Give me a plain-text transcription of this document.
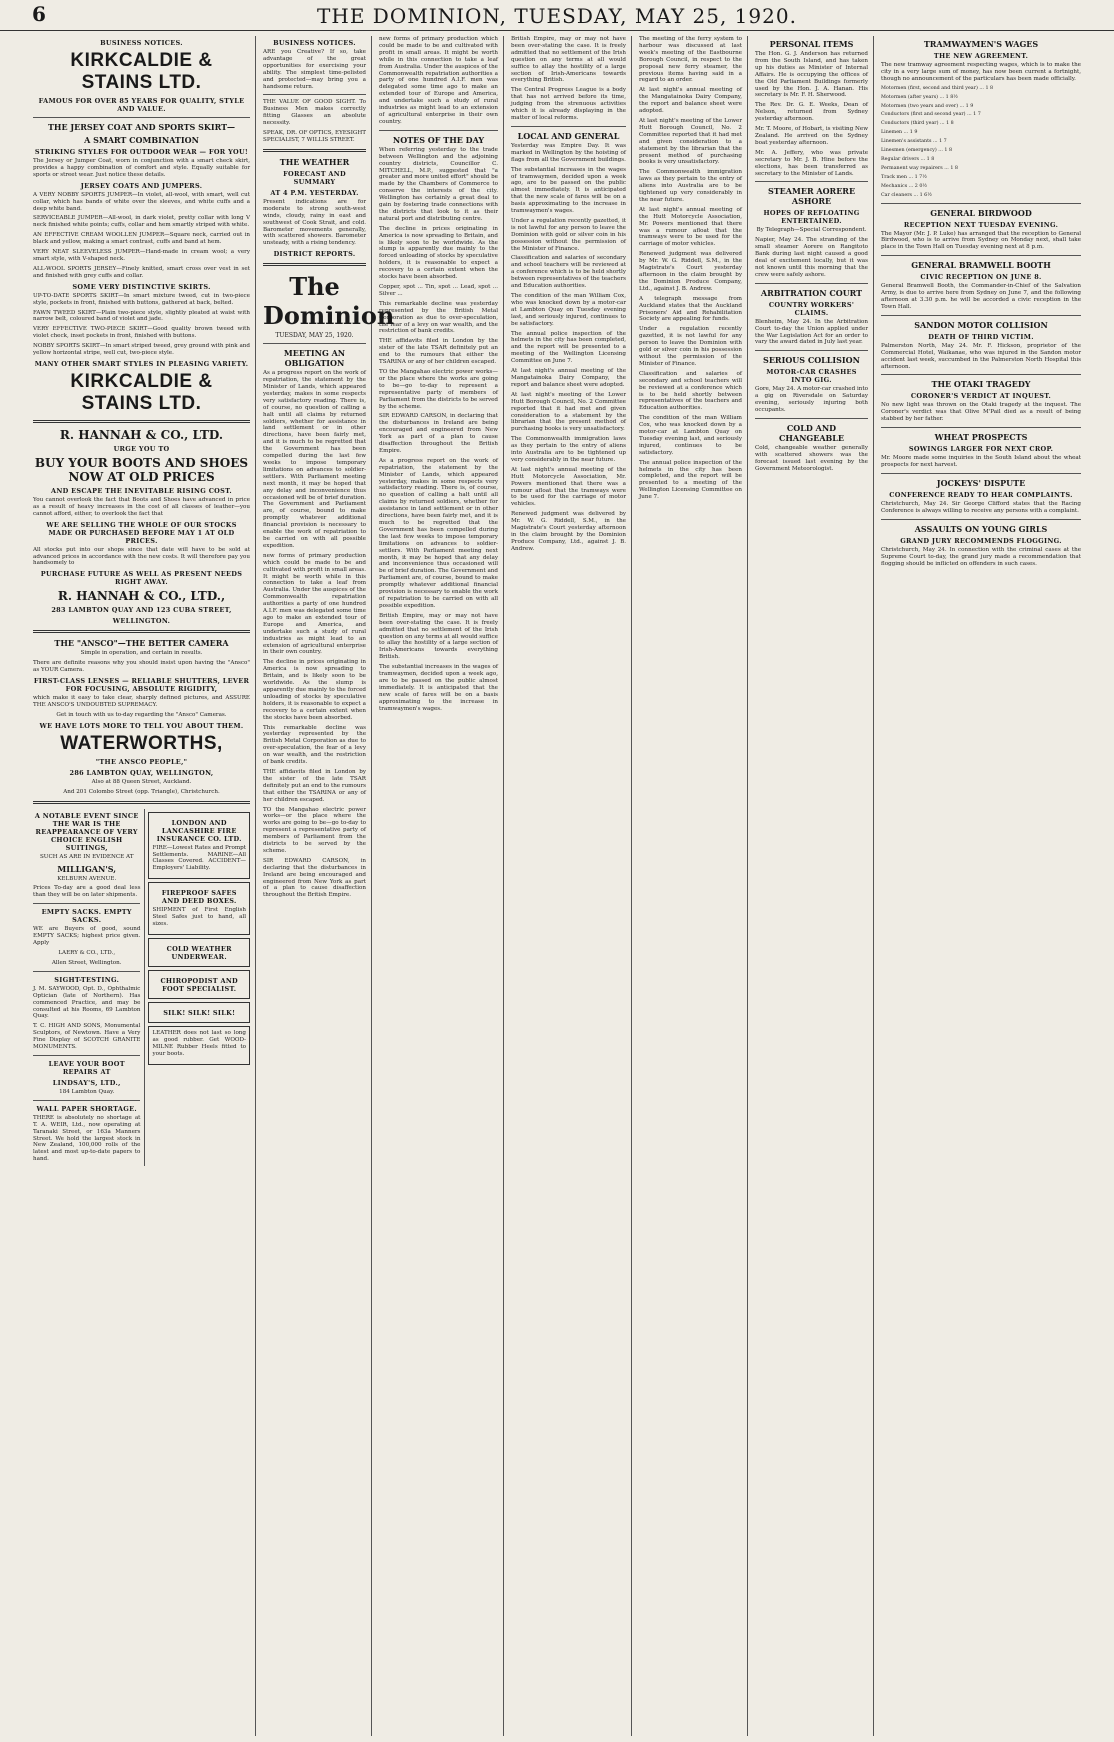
6	THE DOMINION, TUESDAY, MAY 25, 1920.
BUSINESS NOTICES.
KIRKCALDIE & STAINS LTD.
FAMOUS FOR OVER 85 YEARS FOR QUALITY, STYLE AND VALUE.
THE JERSEY COAT AND SPORTS SKIRT—
A SMART COMBINATION
STRIKING STYLES FOR OUTDOOR WEAR — FOR YOU!

The Jersey or Jumper Coat, worn in conjunction with a smart check skirt, provides a happy combination of comfort and style. Equally suitable for sports or street wear. Just notice these details.

JERSEY COATS AND JUMPERS.

A VERY NOBBY SPORTS JUMPER—In violet, all-wool, with smart, well cut collar, which has bands of white over the sleeves, and white cuffs and a deep white band.

SERVICEABLE JUMPER—All-wool, in dark violet, pretty collar with long V neck finished white points; cuffs, collar and hem smartly striped with white.

AN EFFECTIVE CREAM WOOLLEN JUMPER—Square neck, carried out in black and yellow, making a smart contrast, cuffs and band at hem.

VERY NEAT SLEEVELESS JUMPER—Hand-made in cream wool; a very smart style, with V-shaped neck.

ALL-WOOL SPORTS JERSEY—Finely knitted, smart cross over vest in set and finished with grey cuffs and collar.

SOME VERY DISTINCTIVE SKIRTS.

UP-TO-DATE SPORTS SKIRT—In smart mixture tweed, cut in two-piece style, pockets in front, finished with buttons, gathered at back, belted.

FAWN TWEED SKIRT—Plain two-piece style, slightly pleated at waist with narrow belt, coloured band of violet and jade.

VERY EFFECTIVE TWO-PIECE SKIRT—Good quality brown tweed with violet check, inset pockets in front, finished with buttons.

NOBBY SPORTS SKIRT—In smart striped tweed, grey ground with pink and yellow horizontal stripe, well cut, two-piece style.

MANY OTHER SMART STYLES IN PLEASING VARIETY.
KIRKCALDIE & STAINS LTD.
R. HANNAH & CO., LTD.
URGE YOU TO
BUY YOUR BOOTS AND SHOES NOW AT OLD PRICES
AND ESCAPE THE INEVITABLE RISING COST.

You cannot overlook the fact that Boots and Shoes have advanced in price as a result of heavy increases in the cost of all classes of leather—you cannot afford, either, to overlook the fact that

WE ARE SELLING THE WHOLE OF OUR STOCKS MADE OR PURCHASED BEFORE MAY 1 AT OLD PRICES.

All stocks put into our shops since that date will have to be sold at advanced prices in accordance with the new costs. It will therefore pay you handsomely to

PURCHASE FUTURE AS WELL AS PRESENT NEEDS RIGHT AWAY.
R. HANNAH & CO., LTD.,
283 LAMBTON QUAY AND 123 CUBA STREET,
WELLINGTON.
THE "ANSCO"—THE BETTER CAMERA
Simple in operation, and certain in results.

There are definite reasons why you should insist upon having the "Ansco" as YOUR Camera.

FIRST-CLASS LENSES — RELIABLE SHUTTERS, LEVER FOR FOCUSING, ABSOLUTE RIGIDITY,

which make it easy to take clear, sharply defined pictures, and ASSURE THE ANSCO'S UNDOUBTED SUPREMACY.

Get in touch with us to-day regarding the "Ansco" Cameras.
WE HAVE LOTS MORE TO TELL YOU ABOUT THEM.
WATERWORTHS,
"THE ANSCO PEOPLE,"
286 LAMBTON QUAY, WELLINGTON,
Also at 88 Queen Street, Auckland.
And 201 Colombo Street (opp. Triangle), Christchurch.
A NOTABLE EVENT SINCE THE WAR IS THE REAPPEARANCE OF VERY CHOICE ENGLISH SUITINGS,
SUCH AS ARE IN EVIDENCE AT
MILLIGAN'S,
KELBURN AVENUE.

Prices To-day are a good deal less than they will be on later shipments.

EMPTY SACKS. EMPTY SACKS.

WE are Buyers of good, sound EMPTY SACKS; highest price given. Apply

LAERY & CO., LTD.,
Allen Street, Wellington.
SIGHT-TESTING.

J. M. SAYWOOD, Opt. D., Ophthalmic Optician (late of Northern). Has commenced Practice, and may be consulted at his Rooms, 69 Lambton Quay.

T. C. HIGH AND SONS, Monumental Sculptors, of Newtown. Have a Very Fine Display of SCOTCH GRANITE MONUMENTS.

LEAVE YOUR BOOT REPAIRS AT
LINDSAY'S, LTD.,
184 Lambton Quay.
WALL PAPER SHORTAGE.

THERE is absolutely no shortage at T. A. WEIR, Ltd., now operating at Taranaki Street, or 163a Manners Street. We hold the largest stock in New Zealand, 100,000 rolls of the latest and most up-to-date papers to hand.

LONDON AND LANCASHIRE FIRE INSURANCE CO. LTD.

FIRE—Lowest Rates and Prompt Settlements. MARINE—All Classes Covered. ACCIDENT—Employers' Liability.

FIREPROOF SAFES AND DEED BOXES.

SHIPMENT of First English Steel Safes just to hand, all sizes.

COLD WEATHER UNDERWEAR.
CHIROPODIST AND FOOT SPECIALIST.
SILK! SILK! SILK!

LEATHER does not last so long as good rubber. Get WOOD-MILNE Rubber Heels fitted to your boots.

BUSINESS NOTICES.

ARE you Creative? If so, take advantage of the great opportunities for exercising your ability. The simplest time-pelisted and protected—may bring you a handsome return.

THE VALUE OF GOOD SIGHT. To Business Men makes correctly fitting Glasses an absolute necessity.

SPEAK, DR. OF OPTICS, EYESIGHT SPECIALIST, 7 WILLIS STREET.

THE WEATHER
FORECAST AND SUMMARY
AT 4 P.M. YESTERDAY.

Present indications are for moderate to strong south-west winds, cloudy, rainy in east and southwest of Cook Strait, and cold. Barometer movements generally, with scattered showers. Barometer unsteady, with a rising tendency.

DISTRICT REPORTS.
The Dominion
TUESDAY, MAY 25, 1920.
MEETING AN OBLIGATION

As a progress report on the work of repatriation, the statement by the Minister of Lands, which appeared yesterday, makes in some respects very satisfactory reading. There is, of course, no question of calling a halt until all claims by returned soldiers, whether for assistance in land settlement or in other directions, have been fairly met, and it is much to be regretted that the Government has been compelled during the last few weeks to impose temporary limitations on advances to soldier-settlers. With Parliament meeting next month, it may be hoped that any delay and inconvenience thus occasioned will be of brief duration. The Government and Parliament are, of course, bound to make promptly whatever additional financial provision is necessary to enable the work of repatriation to be carried on with all possible expedition.

new forms of primary production which could be made to be and cultivated with profit in small areas. It might be worth while in this connection to take a leaf from Australia. Under the auspices of the Commonwealth repatriation authorities a party of one hundred A.I.F. men was delegated some time ago to make an extended tour of Europe and America, and undertake such a study of rural industries as might lead to an extension of agricultural enterprise in their own country.

The decline in prices originating in America is now spreading to Britain, and is likely soon to be worldwide. As the slump is apparently due mainly to the forced unloading of stocks by speculative holders, it is reasonable to expect a recovery to a certain extent when the stocks have been absorbed.

This remarkable decline was yesterday represented by the British Metal Corporation as due to over-speculation, the fear of a levy on war wealth, and the restriction of bank credits.

THE affidavits filed in London by the sister of the late TSAR definitely put an end to the rumours that either the TSARINA or any of her children escaped.

TO the Mangahao electric power works—or the place where the works are going to be—go to-day to represent a representative party of members of Parliament from the districts to be served by the scheme.

SIR EDWARD CARSON, in declaring that the disturbances in Ireland are being encouraged and engineered from New York as part of a plan to cause disaffection throughout the British Empire.

new forms of primary production which could be made to be and cultivated with profit in small areas. It might be worth while in this connection to take a leaf from Australia. Under the auspices of the Commonwealth repatriation authorities a party of one hundred A.I.F. men was delegated some time ago to make an extended tour of Europe and America, and undertake such a study of rural industries as might lead to an extension of agricultural enterprise in their own country.

NOTES OF THE DAY

When referring yesterday to the trade between Wellington and the adjoining country districts, Councillor C. MITCHELL, M.P., suggested that "a greater and more united effort" should be made by the Chambers of Commerce to conserve the interests of the city. Wellington has certainly a great deal to gain by fostering trade connections with the districts that look to it as their natural port and distributing centre.

The decline in prices originating in America is now spreading to Britain, and is likely soon to be worldwide. As the slump is apparently due mainly to the forced unloading of stocks by speculative holders, it is reasonable to expect a recovery to a certain extent when the stocks have been absorbed.

Copper, spot ... Tin, spot ... Lead, spot ... Silver ...

This remarkable decline was yesterday represented by the British Metal Corporation as due to over-speculation, the fear of a levy on war wealth, and the restriction of bank credits.

THE affidavits filed in London by the sister of the late TSAR definitely put an end to the rumours that either the TSARINA or any of her children escaped.

TO the Mangahao electric power works—or the place where the works are going to be—go to-day to represent a representative party of members of Parliament from the districts to be served by the scheme.

SIR EDWARD CARSON, in declaring that the disturbances in Ireland are being encouraged and engineered from New York as part of a plan to cause disaffection throughout the British Empire.

As a progress report on the work of repatriation, the statement by the Minister of Lands, which appeared yesterday, makes in some respects very satisfactory reading. There is, of course, no question of calling a halt until all claims by returned soldiers, whether for assistance in land settlement or in other directions, have been fairly met, and it is much to be regretted that the Government has been compelled during the last few weeks to impose temporary limitations on advances to soldier-settlers. With Parliament meeting next month, it may be hoped that any delay and inconvenience thus occasioned will be of brief duration. The Government and Parliament are, of course, bound to make promptly whatever additional financial provision is necessary to enable the work of repatriation to be carried on with all possible expedition.

British Empire, may or may not have been over-stating the case. It is freely admitted that no settlement of the Irish question on any terms at all would suffice to allay the hostility of a large section of Irish-Americans towards everything British.

The substantial increases in the wages of tramwaymen, decided upon a week ago, are to be passed on the public almost immediately. It is anticipated that the new scale of fares will be on a basis approximating to the increase in tramwaymen's wages.

British Empire, may or may not have been over-stating the case. It is freely admitted that no settlement of the Irish question on any terms at all would suffice to allay the hostility of a large section of Irish-Americans towards everything British.

The Central Progress League is a body that has not arrived before its time, judging from the strenuous activities which it is already displaying in the matter of local reforms.

LOCAL AND GENERAL

Yesterday was Empire Day. It was marked in Wellington by the hoisting of flags from all the Government buildings.

The substantial increases in the wages of tramwaymen, decided upon a week ago, are to be passed on the public almost immediately. It is anticipated that the new scale of fares will be on a basis approximating to the increase in tramwaymen's wages.

Under a regulation recently gazetted, it is not lawful for any person to leave the Dominion with gold or silver coin in his possession without the permission of the Minister of Finance.

Classification and salaries of secondary and school teachers will be reviewed at a conference which is to be held shortly between representatives of the teachers and Education authorities.

The condition of the man William Cox, who was knocked down by a motor-car at Lambton Quay on Tuesday evening last, and seriously injured, continues to be satisfactory.

The annual police inspection of the helmets in the city has been completed, and the report will be presented to a meeting of the Wellington Licensing Committee on June 7.

At last night's annual meeting of the Mangatainoka Dairy Company, the report and balance sheet were adopted.

At last night's meeting of the Lower Hutt Borough Council, No. 2 Committee reported that it had met and given consideration to a statement by the librarian that the present method of purchasing books is very unsatisfactory.

The Commonwealth immigration laws as they pertain to the entry of aliens into Australia are to be tightened up very considerably in the near future.

At last night's annual meeting of the Hutt Motorcycle Association, Mr. Powers mentioned that there was a rumour afloat that the tramways were to be used for the carriage of motor vehicles.

Renewed judgment was delivered by Mr. W. G. Riddell, S.M., in the Magistrate's Court yesterday afternoon in the claim brought by the Dominion Produce Company, Ltd., against J. B. Andrew.

The meeting of the ferry system to harbour was discussed at last week's meeting of the Eastbourne Borough Council, in respect to the proposal new ferry steamer, the previous items having said in a regard to an order.

At last night's annual meeting of the Mangatainoka Dairy Company, the report and balance sheet were adopted.

At last night's meeting of the Lower Hutt Borough Council, No. 2 Committee reported that it had met and given consideration to a statement by the librarian that the present method of purchasing books is very unsatisfactory.

The Commonwealth immigration laws as they pertain to the entry of aliens into Australia are to be tightened up very considerably in the near future.

At last night's annual meeting of the Hutt Motorcycle Association, Mr. Powers mentioned that there was a rumour afloat that the tramways were to be used for the carriage of motor vehicles.

Renewed judgment was delivered by Mr. W. G. Riddell, S.M., in the Magistrate's Court yesterday afternoon in the claim brought by the Dominion Produce Company, Ltd., against J. B. Andrew.

A telegraph message from Auckland states that the Auckland Prisoners' Aid and Rehabilitation Society are appealing for funds.

Under a regulation recently gazetted, it is not lawful for any person to leave the Dominion with gold or silver coin in his possession without the permission of the Minister of Finance.

Classification and salaries of secondary and school teachers will be reviewed at a conference which is to be held shortly between representatives of the teachers and Education authorities.

The condition of the man William Cox, who was knocked down by a motor-car at Lambton Quay on Tuesday evening last, and seriously injured, continues to be satisfactory.

The annual police inspection of the helmets in the city has been completed, and the report will be presented to a meeting of the Wellington Licensing Committee on June 7.

PERSONAL ITEMS

The Hon. G. J. Anderson has returned from the South Island, and has taken up his duties as Minister of Internal Affairs. He is occupying the offices of the Old Parliament Buildings formerly used by the Hon. J. A. Hanan. His secretary is Mr. F. H. Sherwood.

The Rev. Dr. G. E. Weeks, Dean of Nelson, returned from Sydney yesterday afternoon.

Mr. T. Moore, of Hobart, is visiting New Zealand. He arrived on the Sydney boat yesterday afternoon.

Mr. A. Jeffery, who was private secretary to Mr. J. B. Hine before the elections, has been transferred as secretary to the Minister of Lands.

STEAMER AORERE ASHORE
HOPES OF REFLOATING ENTERTAINED.
By Telegraph—Special Correspondent.

Napier, May 24. The stranding of the small steamer Aorere on Rangitoto Bank during last night caused a good deal of excitement locally, but it was not known until this morning that the crew were safely ashore.

ARBITRATION COURT
COUNTRY WORKERS' CLAIMS.

Blenheim, May 24. In the Arbitration Court to-day the Union applied under the War Legislation Act for an order to vary the award dated in July last year.

SERIOUS COLLISION
MOTOR-CAR CRASHES INTO GIG.

Gore, May 24. A motor-car crashed into a gig on Riversdale on Saturday evening, seriously injuring both occupants.

COLD AND CHANGEABLE

Cold, changeable weather generally with scattered showers was the forecast issued last evening by the Government Meteorologist.

TRAMWAYMEN'S WAGES
THE NEW AGREEMENT.

The new tramway agreement respecting wages, which is to make the city in a very large sum of money, has now been current a fortnight, though no announcement of the particulars has been made officially.

Motormen (first, second and third year) ... 1 8
Motormen (after years) ... 1 8½
Motormen (two years and over) ... 1 9
Conductors (first and second year) ... 1 7
Conductors (third year) ... 1 8
Linemen ... 1 9
Linemen's assistants ... 1 7
Linesmen (emergency) ... 1 8
Regular drivers ... 1 8
Permanent way repairers ... 1 8
Track men ... 1 7½
Mechanics ... 2 0½
Car cleaners ... 1 6½
GENERAL BIRDWOOD
RECEPTION NEXT TUESDAY EVENING.

The Mayor (Mr. J. P. Luke) has arranged that the reception to General Birdwood, who is to arrive from Sydney on Monday next, shall take place in the Town Hall on Tuesday evening next at 8 p.m.

GENERAL BRAMWELL BOOTH
CIVIC RECEPTION ON JUNE 8.

General Bramwell Booth, the Commander-in-Chief of the Salvation Army, is due to arrive here from Sydney on June 7, and the following afternoon at 3.30 p.m. he will be accorded a civic reception in the Town Hall.

SANDON MOTOR COLLISION
DEATH OF THIRD VICTIM.

Palmerston North, May 24. Mr. F. Hickson, proprietor of the Commercial Hotel, Waikanae, who was injured in the Sandon motor accident last week, succumbed in the Palmerston North Hospital this afternoon.

THE OTAKI TRAGEDY
CORONER'S VERDICT AT INQUEST.

No new light was thrown on the Otaki tragedy at the inquest. The Coroner's verdict was that Olive M'Pail died as a result of being stabbed by her father.

WHEAT PROSPECTS
SOWINGS LARGER FOR NEXT CROP.

Mr. Moore made some inquiries in the South Island about the wheat prospects for next harvest.

JOCKEYS' DISPUTE
CONFERENCE READY TO HEAR COMPLAINTS.

Christchurch, May 24. Sir George Clifford states that the Racing Conference is always willing to receive any persons with a complaint.

ASSAULTS ON YOUNG GIRLS
GRAND JURY RECOMMENDS FLOGGING.

Christchurch, May 24. In connection with the criminal cases at the Supreme Court to-day, the grand jury made a recommendation that flogging should be inflicted on offenders in such cases.
